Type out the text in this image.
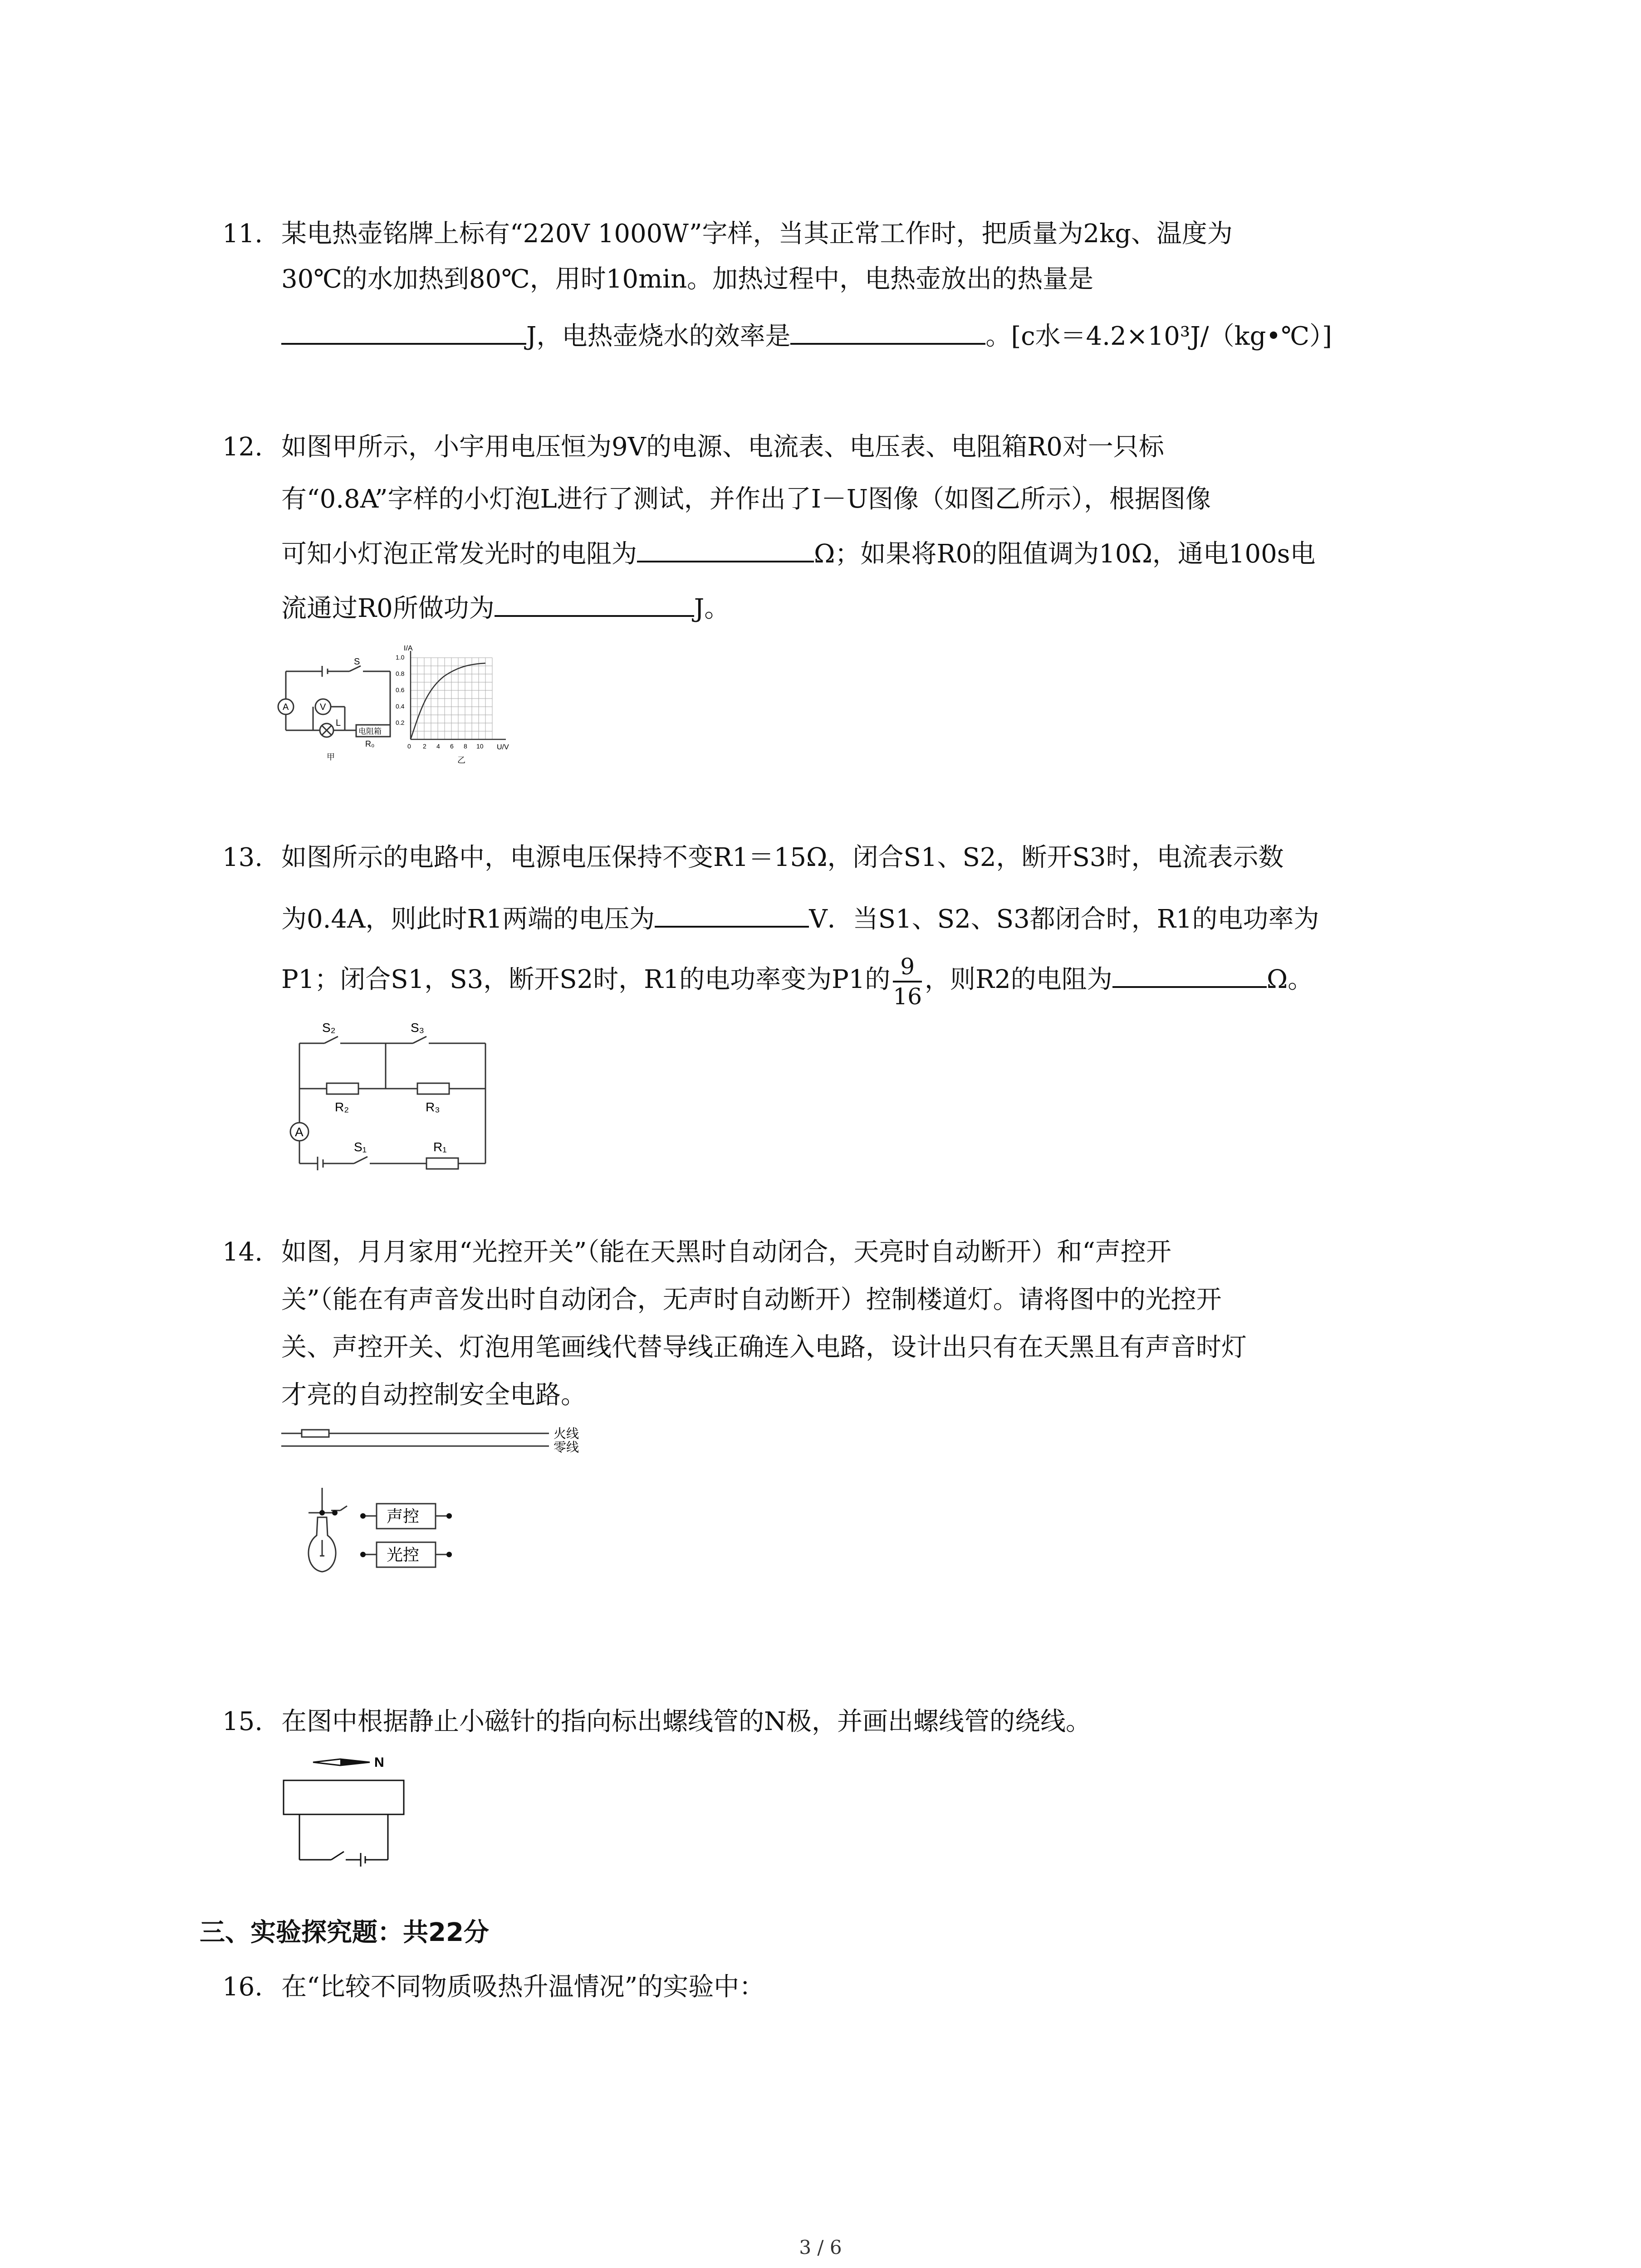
11. 某电热壶铭牌上标有“220V 1000W”字样，当其正常工作时，把质量为2kg、温度为
30℃的水加热到80℃，用时10min。加热过程中，电热壶放出的热量是
J，电热壶烧水的效率是	。[c水＝4.2×10³J/（kg•℃）]
12. 如图甲所示，小宇用电压恒为9V的电源、电流表、电压表、电阻箱R0对一只标
有“0.8A”字样的小灯泡L进行了测试，并作出了I－U图像（如图乙所示），根据图像
可知小灯泡正常发光时的电阻为	Ω；如果将R0的阻值调为10Ω，通电100s电
流通过R0所做功为	J。
S
A	V
L
电阻箱
R₀
甲
I/A
1.0
0.8
0.6
0.4
0.2
0 2 4 6 8 10 U/V
乙
13. 如图所示的电路中，电源电压保持不变R1＝15Ω，闭合S1、S2，断开S3时，电流表示数
为0.4A，则此时R1两端的电压为	V．当S1、S2、S3都闭合时，R1的电功率为
P1；闭合S1，S3，断开S2时，R1的电功率变为P1的 $\frac{9}{16}$ ，则R2的电阻为	Ω。
S₂	S₃
R₂	R₃
A
S₁	R₁
14. 如图，月月家用“光控开关”（能在天黑时自动闭合，天亮时自动断开）和“声控开
关”（能在有声音发出时自动闭合，无声时自动断开）控制楼道灯。请将图中的光控开
关、声控开关、灯泡用笔画线代替导线正确连入电路，设计出只有在天黑且有声音时灯
才亮的自动控制安全电路。
火线
零线
声控
光控
15. 在图中根据静止小磁针的指向标出螺线管的N极，并画出螺线管的绕线。
N
三、实验探究题：共22分
16. 在“比较不同物质吸热升温情况”的实验中：
3 / 6
